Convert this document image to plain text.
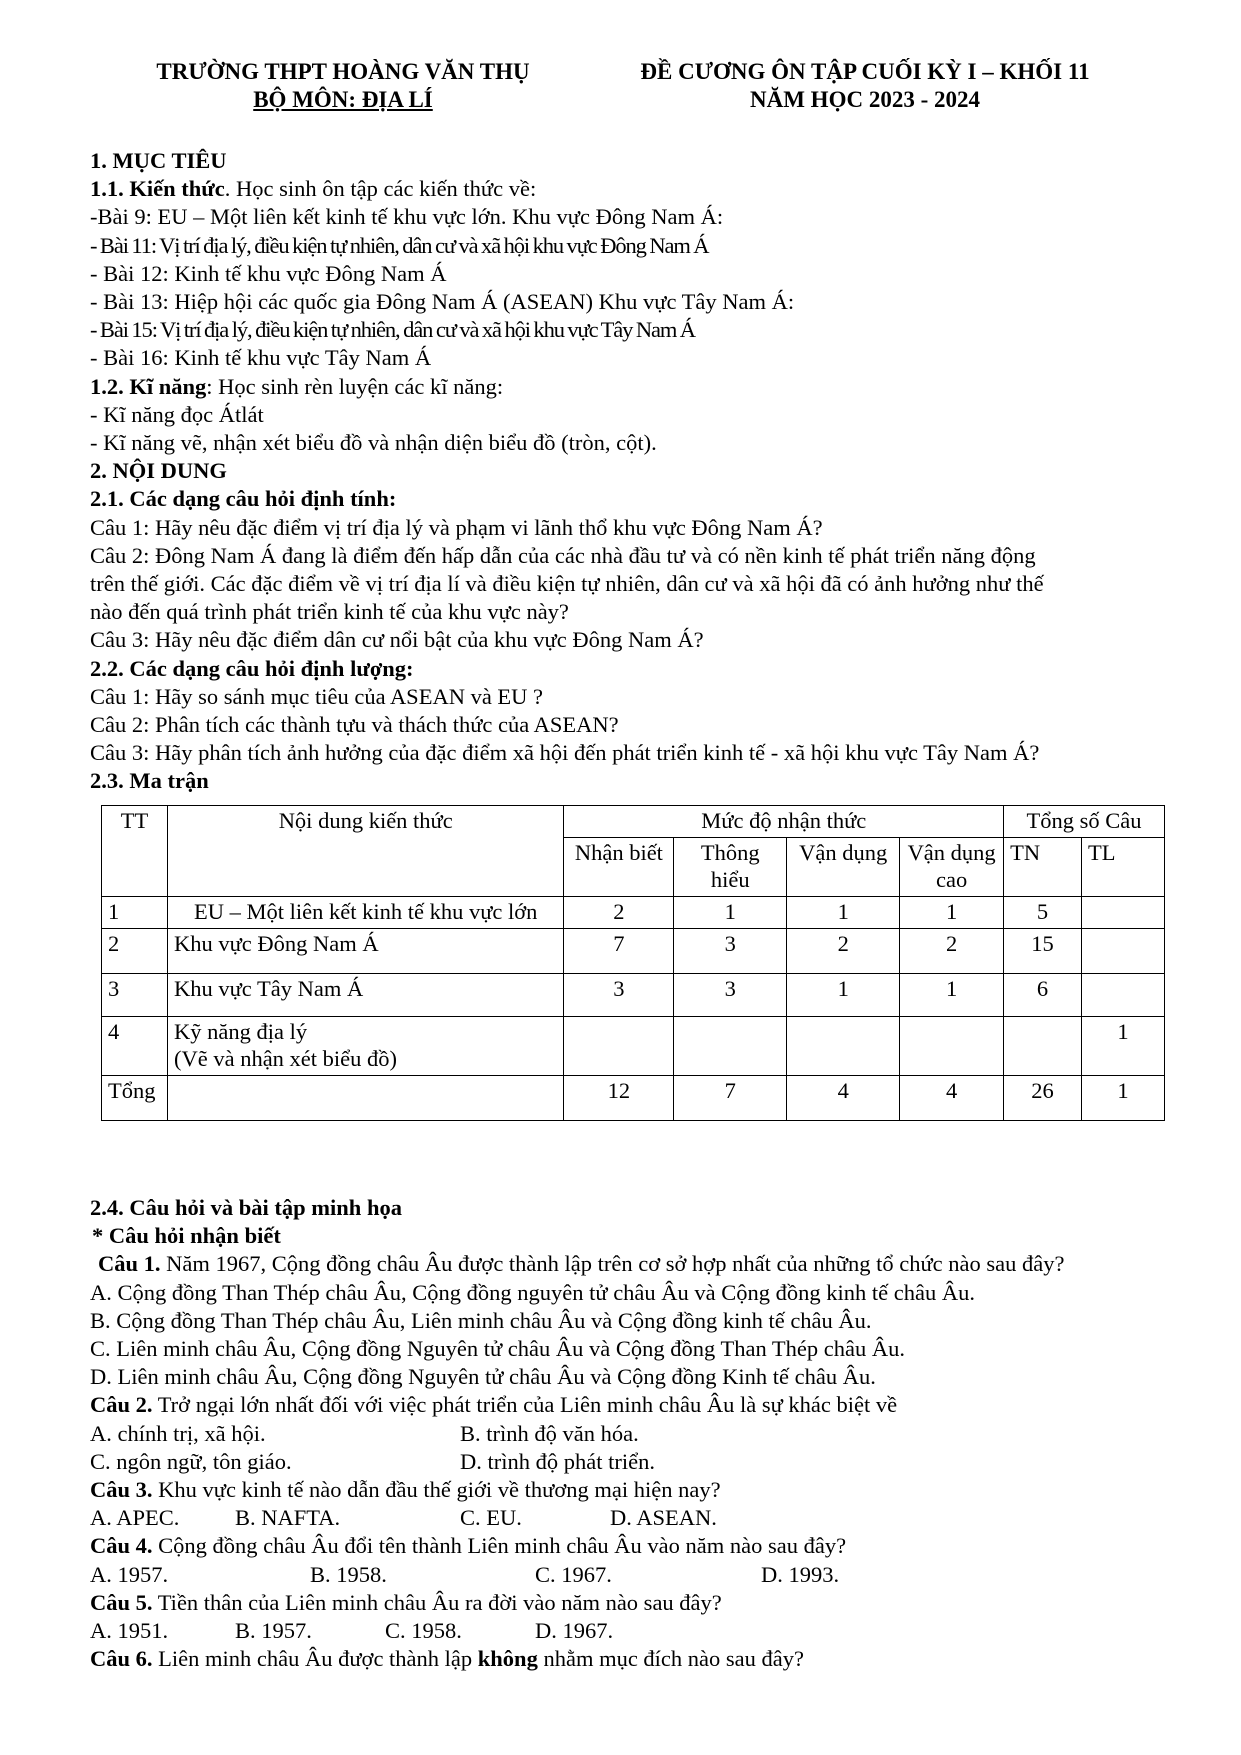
TRƯỜNG THPT HOÀNG VĂN THỤ
BỘ MÔN: ĐỊA LÍ
ĐỀ CƯƠNG ÔN TẬP CUỐI KỲ I – KHỐI 11
NĂM HỌC 2023 - 2024

1. MỤC TIÊU

1.1. Kiến thức. Học sinh ôn tập các kiến thức về:

-Bài 9: EU – Một liên kết kinh tế khu vực lớn. Khu vực Đông Nam Á:

- Bài 11: Vị trí địa lý, điều kiện tự nhiên, dân cư và xã hội khu vực Đông Nam Á

- Bài 12: Kinh tế khu vực Đông Nam Á

- Bài 13: Hiệp hội các quốc gia Đông Nam Á (ASEAN) Khu vực Tây Nam Á:

- Bài 15: Vị trí địa lý, điều kiện tự nhiên, dân cư và xã hội khu vực Tây Nam Á

- Bài 16: Kinh tế khu vực Tây Nam Á

1.2. Kĩ năng: Học sinh rèn luyện các kĩ năng:

- Kĩ năng đọc Átlát

- Kĩ năng vẽ, nhận xét biểu đồ và nhận diện biểu đồ (tròn, cột).

2. NỘI DUNG

2.1. Các dạng câu hỏi định tính:

Câu 1: Hãy nêu đặc điểm vị trí địa lý và phạm vi lãnh thổ khu vực Đông Nam Á?

Câu 2: Đông Nam Á đang là điểm đến hấp dẫn của các nhà đầu tư và có nền kinh tế phát triển năng động

trên thế giới. Các đặc điểm về vị trí địa lí và điều kiện tự nhiên, dân cư và xã hội đã có ảnh hưởng như thế

nào đến quá trình phát triển kinh tế của khu vực này?

Câu 3: Hãy nêu đặc điểm dân cư nổi bật của khu vực Đông Nam Á?

2.2. Các dạng câu hỏi định lượng:

Câu 1: Hãy so sánh mục tiêu của ASEAN và EU ?

Câu 2: Phân tích các thành tựu và thách thức của ASEAN?

Câu 3: Hãy phân tích ảnh hưởng của đặc điểm xã hội đến phát triển kinh tế - xã hội khu vực Tây Nam Á?

2.3. Ma trận

TT	Nội dung kiến thức	Mức độ nhận thức				Tổng số Câu	
		Nhận biết	Thông hiểu	Vận dụng	Vận dụng cao	TN	TL
1	EU – Một liên kết kinh tế khu vực lớn	2	1	1	1	5	
2	Khu vực Đông Nam Á	7	3	2	2	15	
3	Khu vực Tây Nam Á	3	3	1	1	6	
4	Kỹ năng địa lý
(Vẽ và nhận xét biểu đồ)						1
Tổng		12	7	4	4	26	1

2.4. Câu hỏi và bài tập minh họa

* Câu hỏi nhận biết

Câu 1. Năm 1967, Cộng đồng châu Âu được thành lập trên cơ sở hợp nhất của những tổ chức nào sau đây?

A. Cộng đồng Than Thép châu Âu, Cộng đồng nguyên tử châu Âu và Cộng đồng kinh tế châu Âu.

B. Cộng đồng Than Thép châu Âu, Liên minh châu Âu và Cộng đồng kinh tế châu Âu.

C. Liên minh châu Âu, Cộng đồng Nguyên tử châu Âu và Cộng đồng Than Thép châu Âu.

D. Liên minh châu Âu, Cộng đồng Nguyên tử châu Âu và Cộng đồng Kinh tế châu Âu.

Câu 2. Trở ngại lớn nhất đối với việc phát triển của Liên minh châu Âu là sự khác biệt về

A. chính trị, xã hội.	B. trình độ văn hóa.
C. ngôn ngữ, tôn giáo.	D. trình độ phát triển.

Câu 3. Khu vực kinh tế nào dẫn đầu thế giới về thương mại hiện nay?

A. APEC.	B. NAFTA.	C. EU.	D. ASEAN.

Câu 4. Cộng đồng châu Âu đổi tên thành Liên minh châu Âu vào năm nào sau đây?

A. 1957.	B. 1958.	C. 1967.	D. 1993.

Câu 5. Tiền thân của Liên minh châu Âu ra đời vào năm nào sau đây?

A. 1951.	B. 1957.	C. 1958.	D. 1967.

Câu 6. Liên minh châu Âu được thành lập không nhằm mục đích nào sau đây?
